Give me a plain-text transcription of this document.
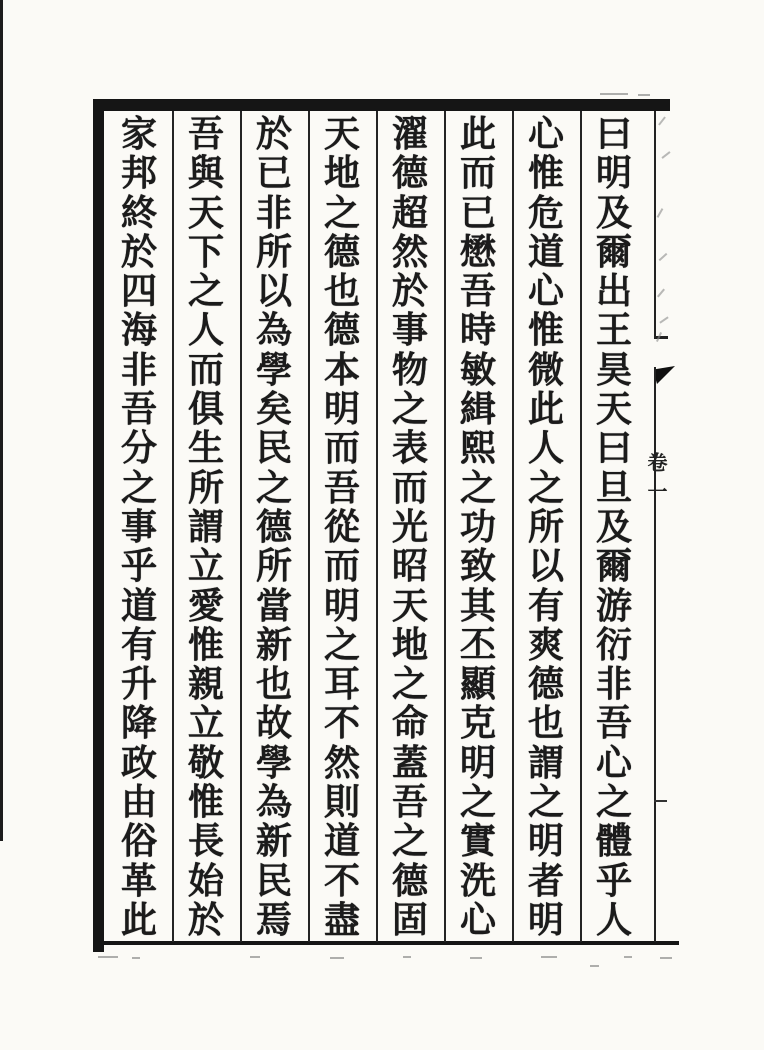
曰
明
及
爾
出
王
昊
天
曰
旦
及
爾
游
衍
非
吾
心
之
體
乎
人
心
惟
危
道
心
惟
微
此
人
之
所
以
有
爽
德
也
謂
之
明
者
明
此
而
已
懋
吾
時
敏
緝
熙
之
功
致
其
丕
顯
克
明
之
實
洗
心
濯
德
超
然
於
事
物
之
表
而
光
昭
天
地
之
命
蓋
吾
之
德
固
天
地
之
德
也
德
本
明
而
吾
從
而
明
之
耳
不
然
則
道
不
盡
於
已
非
所
以
為
學
矣
民
之
德
所
當
新
也
故
學
為
新
民
焉
吾
與
天
下
之
人
而
俱
生
所
謂
立
愛
惟
親
立
敬
惟
長
始
於
家
邦
終
於
四
海
非
吾
分
之
事
乎
道
有
升
降
政
由
俗
革
此
卷一
